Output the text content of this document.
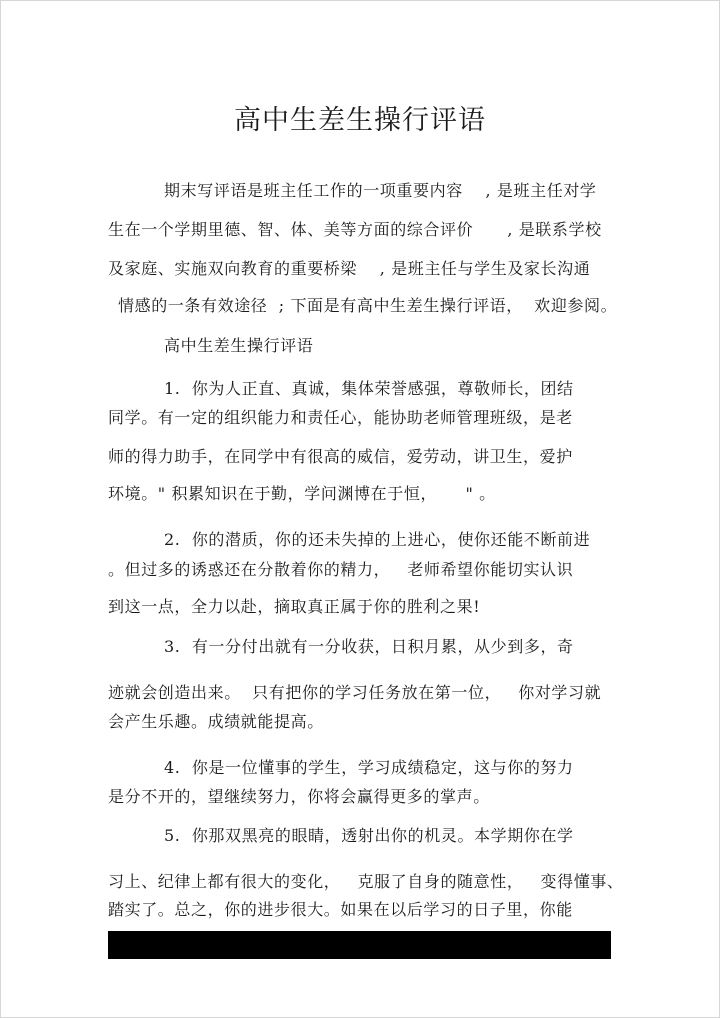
高中生差生操行评语
期末写评语是班主任工作的一项重要内容    , 是班主任对学
生在一个学期里德、智、体、美等方面的综合评价      , 是联系学校
及家庭、实施双向教育的重要桥梁    , 是班主任与学生及家长沟通
情感的一条有效途径  ; 下面是有高中生差生操行评语，  欢迎参阅。
高中生差生操行评语
1.  你为人正直、真诚，集体荣誉感强，尊敬师长，团结
同学。有一定的组织能力和责任心，能协助老师管理班级，是老
师的得力助手，在同学中有很高的威信，爱劳动，讲卫生，爱护
环境。" 积累知识在于勤，学问渊博在于恒，     " 。
2.  你的潜质，你的还未失掉的上进心，使你还能不断前进
。但过多的诱惑还在分散着你的精力，   老师希望你能切实认识
到这一点，全力以赴，摘取真正属于你的胜利之果!
3.  有一分付出就有一分收获，日积月累，从少到多，奇
迹就会创造出来。  只有把你的学习任务放在第一位，   你对学习就
会产生乐趣。成绩就能提高。
4.  你是一位懂事的学生，学习成绩稳定，这与你的努力
是分不开的，望继续努力，你将会赢得更多的掌声。
5.  你那双黑亮的眼睛，透射出你的机灵。本学期你在学
习上、纪律上都有很大的变化，   克服了自身的随意性，   变得懂事、
踏实了。总之，你的进步很大。如果在以后学习的日子里，你能
